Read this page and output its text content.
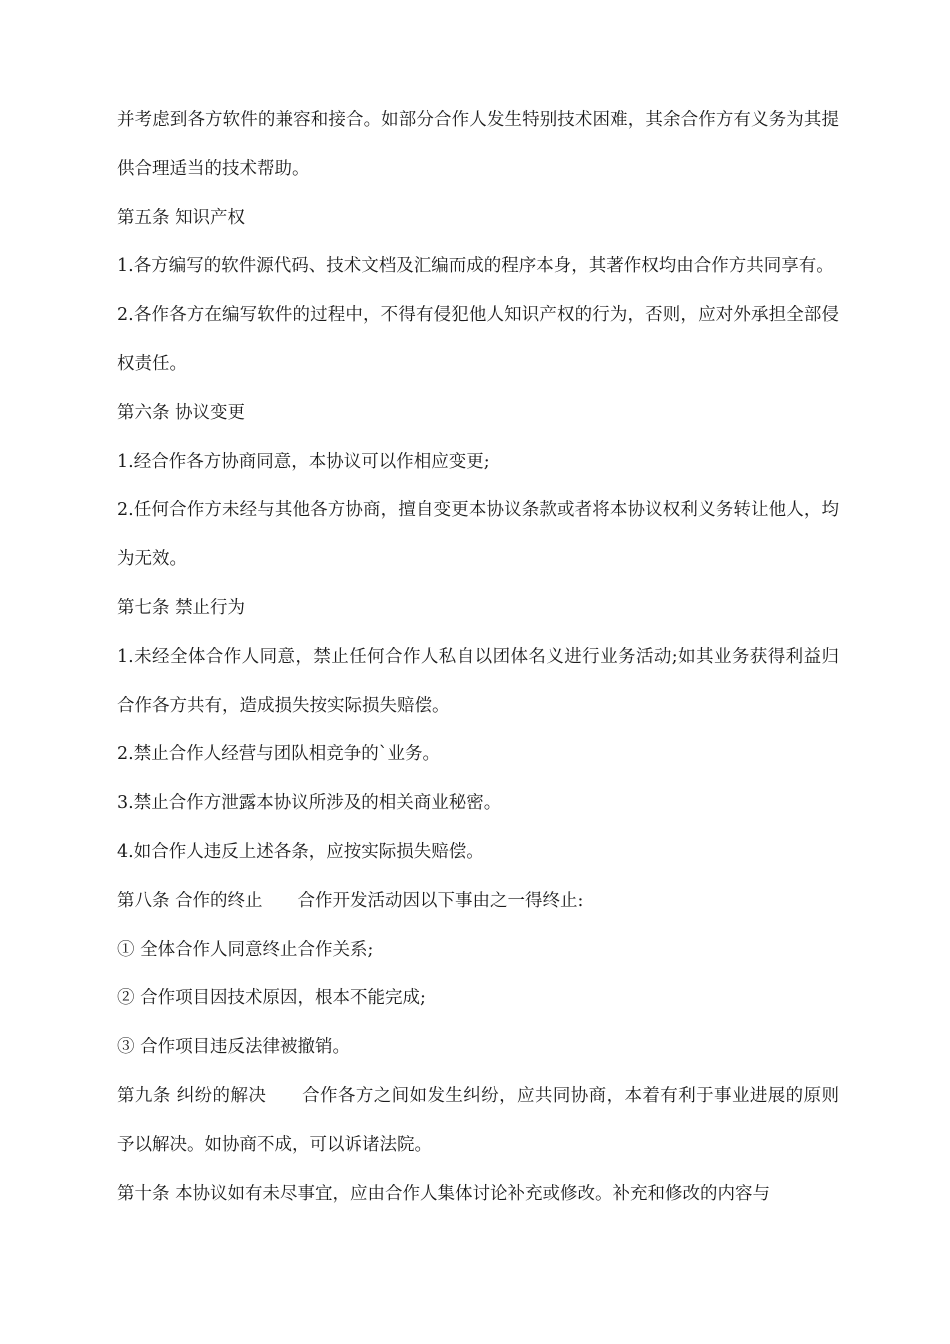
并考虑到各方软件的兼容和接合。如部分合作人发生特别技术困难，其余合作方有义务为其提供合理适当的技术帮助。

第五条 知识产权

1.各方编写的软件源代码、技术文档及汇编而成的程序本身，其著作权均由合作方共同享有。

2.各作各方在编写软件的过程中，不得有侵犯他人知识产权的行为，否则，应对外承担全部侵权责任。

第六条 协议变更

1.经合作各方协商同意，本协议可以作相应变更;

2.任何合作方未经与其他各方协商，擅自变更本协议条款或者将本协议权利义务转让他人，均为无效。

第七条 禁止行为

1.未经全体合作人同意，禁止任何合作人私自以团体名义进行业务活动;如其业务获得利益归合作各方共有，造成损失按实际损失赔偿。

2.禁止合作人经营与团队相竞争的`业务。

3.禁止合作方泄露本协议所涉及的相关商业秘密。

4.如合作人违反上述各条，应按实际损失赔偿。

第八条 合作的终止　　合作开发活动因以下事由之一得终止:

① 全体合作人同意终止合作关系;

② 合作项目因技术原因，根本不能完成;

③ 合作项目违反法律被撤销。

第九条 纠纷的解决　　合作各方之间如发生纠纷，应共同协商，本着有利于事业进展的原则予以解决。如协商不成，可以诉诸法院。

第十条 本协议如有未尽事宜，应由合作人集体讨论补充或修改。补充和修改的内容与
